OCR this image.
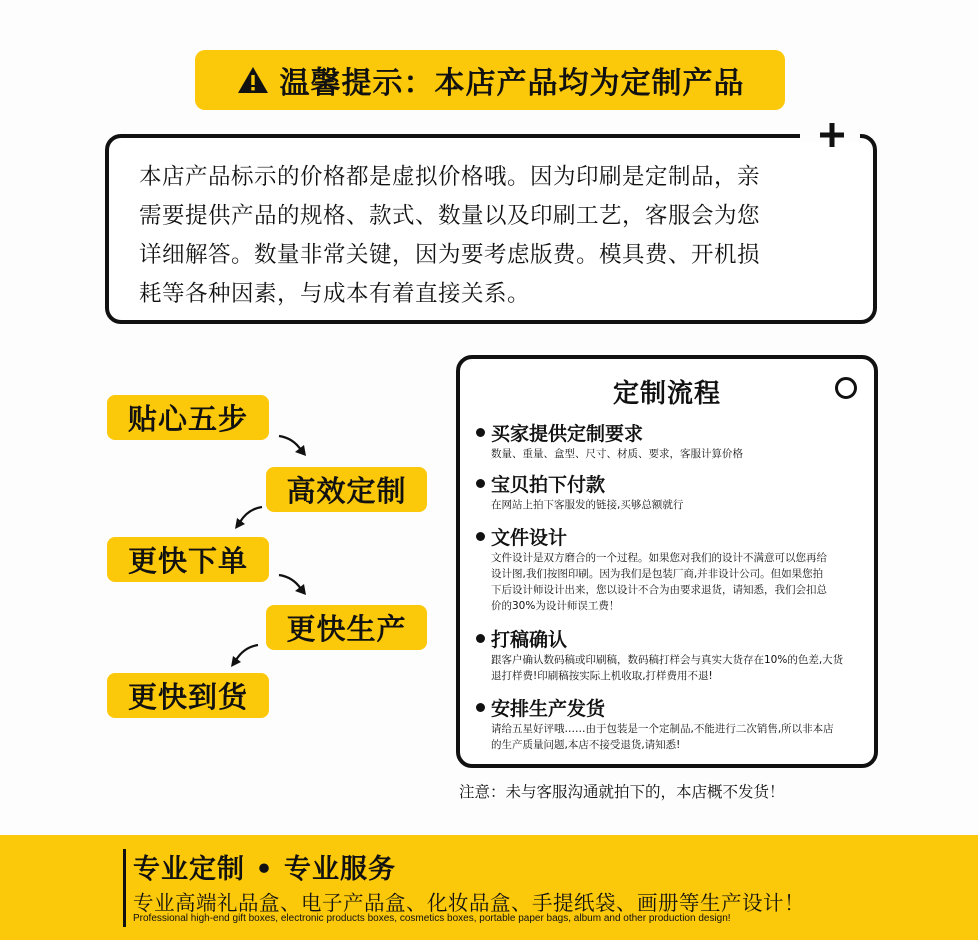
温馨提示：本店产品均为定制产品
本店产品标示的价格都是虚拟价格哦。因为印刷是定制品，亲
需要提供产品的规格、款式、数量以及印刷工艺，客服会为您
详细解答。数量非常关键，因为要考虑版费。模具费、开机损
耗等各种因素，与成本有着直接关系。
贴心五步
高效定制
更快下单
更快生产
更快到货
定制流程
买家提供定制要求
数量、重量、盒型、尺寸、材质、要求，客服计算价格
宝贝拍下付款
在网站上拍下客服发的链接,买够总额就行
文件设计
文件设计是双方磨合的一个过程。如果您对我们的设计不满意可以您再给
设计图,我们按图印刷。因为我们是包装厂商,并非设计公司。但如果您拍
下后设计师设计出来，您以设计不合为由要求退货，请知悉，我们会扣总
价的30%为设计师误工费！
打稿确认
跟客户确认数码稿或印刷稿，数码稿打样会与真实大货存在10%的色差,大货
退打样费!印刷稿按实际上机收取,打样费用不退!
安排生产发货
请给五星好评哦……由于包装是一个定制品,不能进行二次销售,所以非本店
的生产质量问题,本店不接受退货,请知悉!
注意：未与客服沟通就拍下的，本店概不发货！
专业定制 • 专业服务
专业高端礼品盒、电子产品盒、化妆品盒、手提纸袋、画册等生产设计！
Professional high-end gift boxes, electronic products boxes, cosmetics boxes, portable paper bags, album and other production design!
